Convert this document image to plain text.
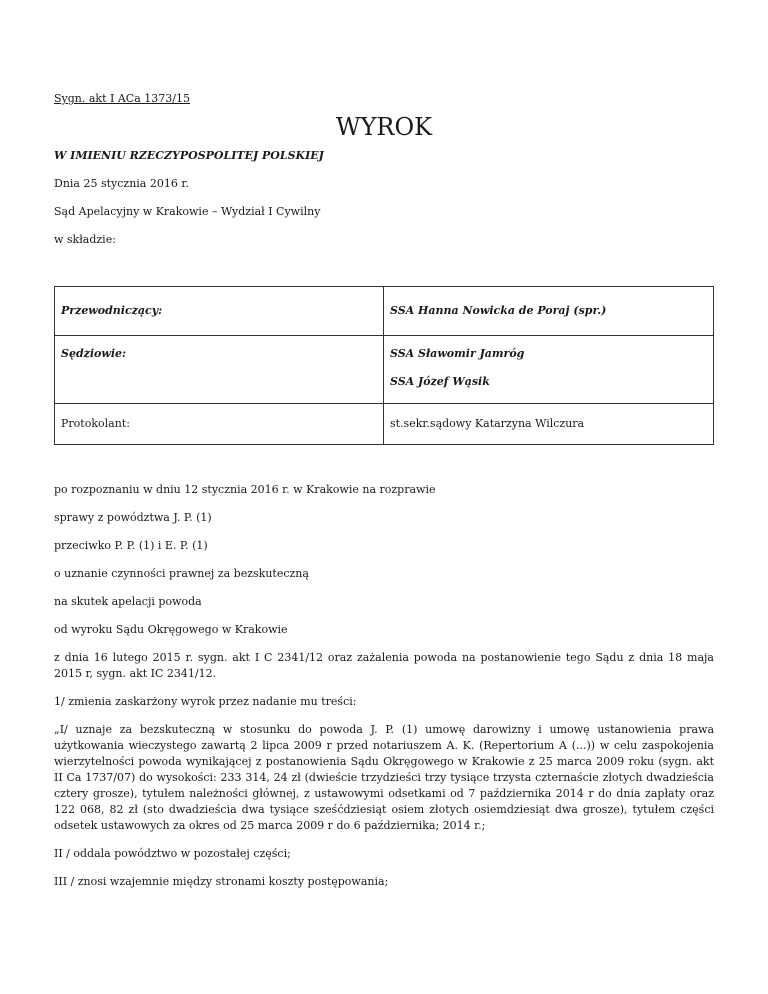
Sygn. akt I ACa 1373/15
WYROK
W IMIENIU RZECZYPOSPOLITEJ POLSKIEJ
Dnia 25 stycznia 2016 r.
Sąd Apelacyjny w Krakowie – Wydział I Cywilny
w składzie:
Przewodniczący:	SSA Hanna Nowicka de Poraj (spr.)

Sędziowie:	SSA Sławomir Jamróg
SSA Józef Wąsik

Protokolant:	st.sekr.sądowy Katarzyna Wilczura
po rozpoznaniu w dniu 12 stycznia 2016 r. w Krakowie na rozprawie
sprawy z powództwa J. P. (1)
przeciwko P. P. (1) i E. P. (1)
o uznanie czynności prawnej za bezskuteczną
na skutek apelacji powoda
od wyroku Sądu Okręgowego w Krakowie
z dnia 16 lutego 2015 r. sygn. akt I C 2341/12 oraz zażalenia powoda na postanowienie tego Sądu z dnia 18 maja 2015 r, sygn. akt IC 2341/12.
1/ zmienia zaskarżony wyrok przez nadanie mu treści:
„I/ uznaje za bezskuteczną w stosunku do powoda J. P. (1) umowę darowizny i umowę ustanowienia prawa użytkowania wieczystego zawartą 2 lipca 2009 r przed notariuszem A. K. (Repertorium A (...)) w celu zaspokojenia wierzytelności powoda wynikającej z postanowienia Sądu Okręgowego w Krakowie z 25 marca 2009 roku (sygn. akt II Ca 1737/07) do wysokości: 233 314, 24 zł (dwieście trzydzieści trzy tysiące trzysta czternaście złotych dwadzieścia cztery grosze), tytułem należności głównej, z ustawowymi odsetkami od 7 października 2014 r do dnia zapłaty oraz 122 068, 82 zł (sto dwadzieścia dwa tysiące sześćdziesiąt osiem złotych osiemdziesiąt dwa grosze), tytułem części odsetek ustawowych za okres od 25 marca 2009 r do 6 października; 2014 r.;
II / oddala powództwo w pozostałej części;
III / znosi wzajemnie między stronami koszty postępowania;
